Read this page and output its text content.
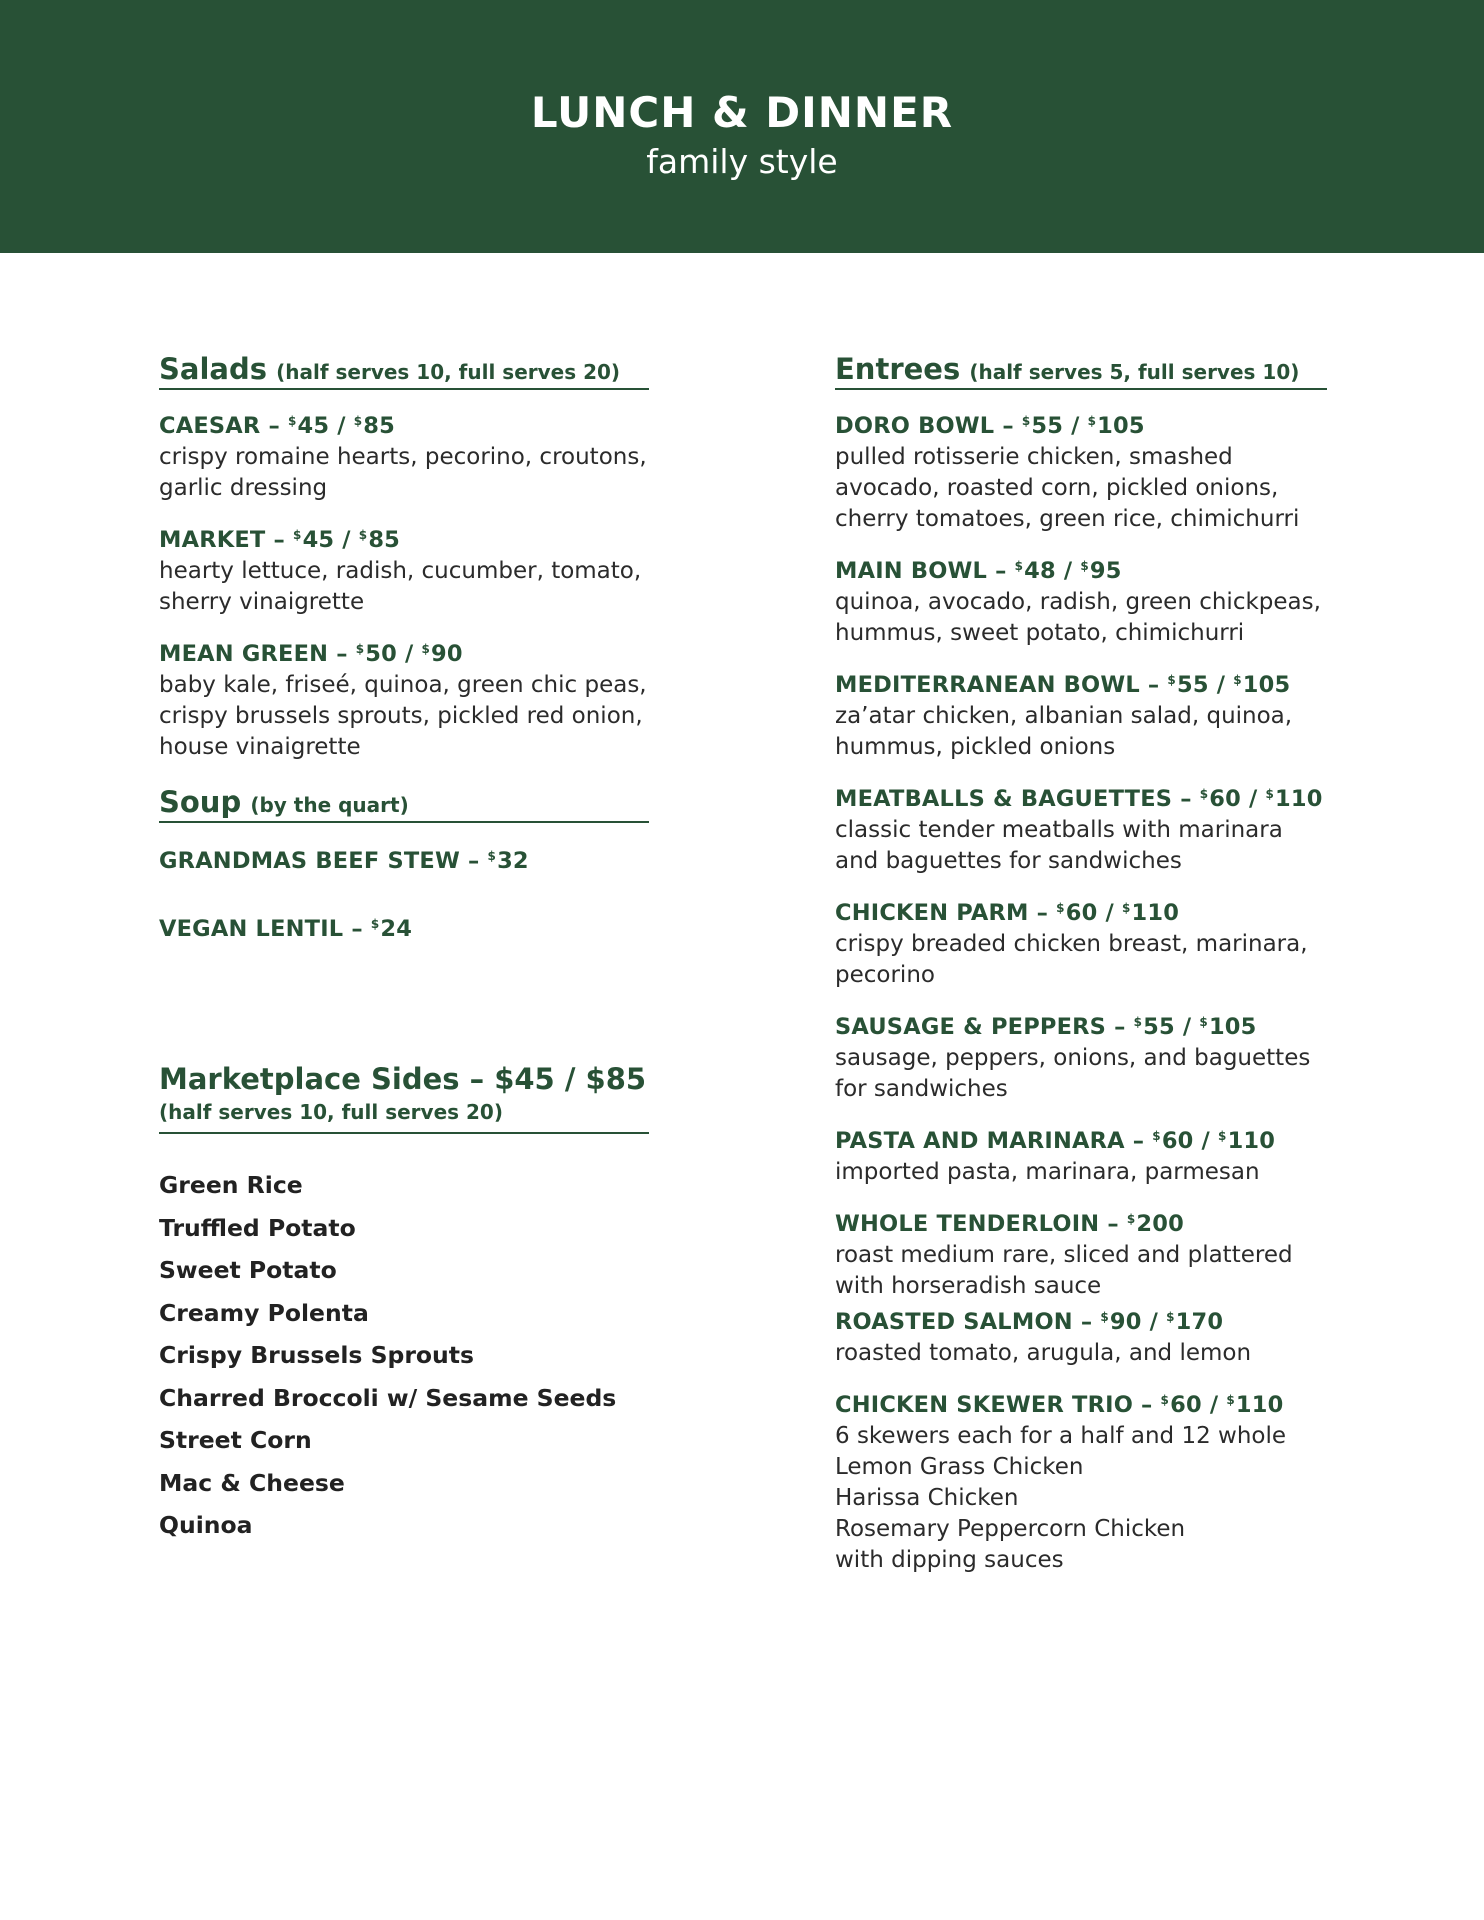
LUNCH & DINNER
family style
Salads (half serves 10, full serves 20)
CAESAR – $45 / $85
crispy romaine hearts, pecorino, croutons, garlic dressing
MARKET – $45 / $85
hearty lettuce, radish, cucumber, tomato, sherry vinaigrette
MEAN GREEN – $50 / $90
baby kale, friseé, quinoa, green chic peas, crispy brussels sprouts, pickled red onion, house vinaigrette
Soup (by the quart)
GRANDMAS BEEF STEW – $32
VEGAN LENTIL – $24
Marketplace Sides – $45 / $85
(half serves 10, full serves 20)
Green Rice
Truffled Potato
Sweet Potato
Creamy Polenta
Crispy Brussels Sprouts
Charred Broccoli w/ Sesame Seeds
Street Corn
Mac & Cheese
Quinoa
Entrees (half serves 5, full serves 10)
DORO BOWL – $55 / $105
pulled rotisserie chicken, smashed avocado, roasted corn, pickled onions, cherry tomatoes, green rice, chimichurri
MAIN BOWL – $48 / $95
quinoa, avocado, radish, green chickpeas, hummus, sweet potato, chimichurri
MEDITERRANEAN BOWL – $55 / $105
za’atar chicken, albanian salad, quinoa, hummus, pickled onions
MEATBALLS & BAGUETTES – $60 / $110
classic tender meatballs with marinara and baguettes for sandwiches
CHICKEN PARM – $60 / $110
crispy breaded chicken breast, marinara, pecorino
SAUSAGE & PEPPERS – $55 / $105
sausage, peppers, onions, and baguettes for sandwiches
PASTA AND MARINARA – $60 / $110
imported pasta, marinara, parmesan
WHOLE TENDERLOIN – $200
roast medium rare, sliced and plattered with horseradish sauce
ROASTED SALMON – $90 / $170
roasted tomato, arugula, and lemon
CHICKEN SKEWER TRIO – $60 / $110
6 skewers each for a half and 12 whole
Lemon Grass Chicken
Harissa Chicken
Rosemary Peppercorn Chicken
with dipping sauces
